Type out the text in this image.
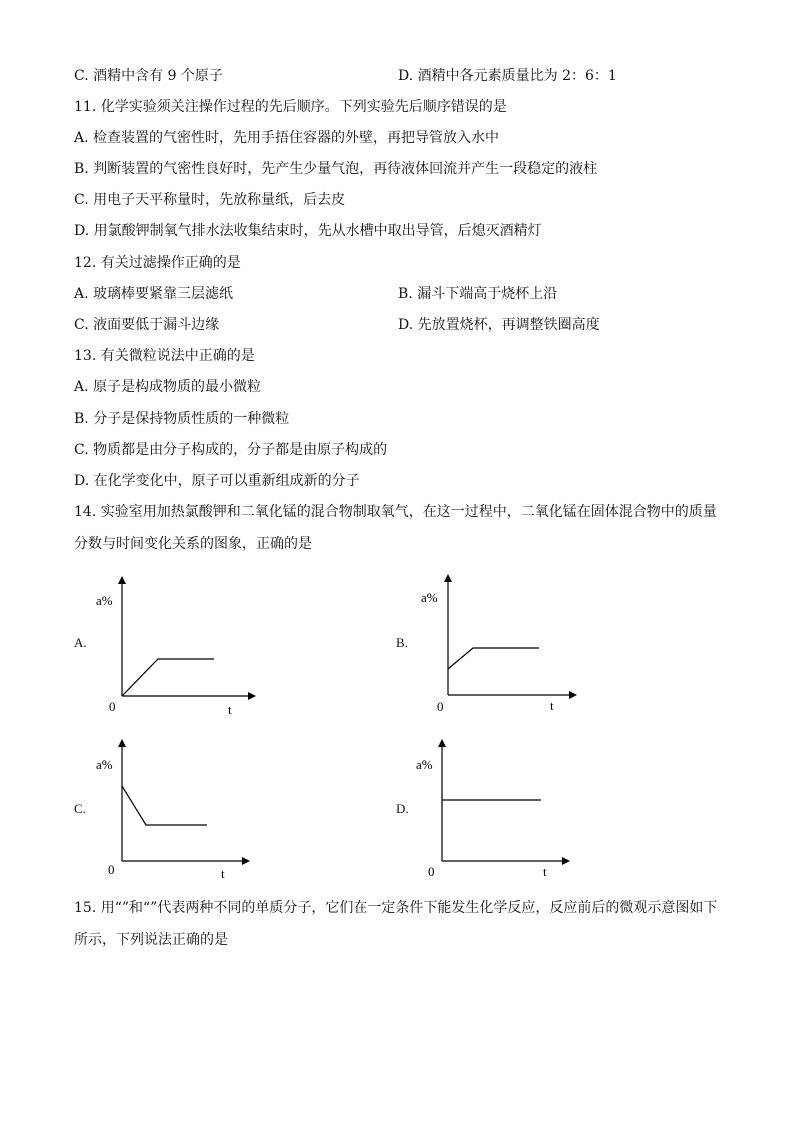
C. 酒精中含有 9 个原子	D. 酒精中各元素质量比为 2：6：1
11. 化学实验须关注操作过程的先后顺序。下列实验先后顺序错误的是
A. 检查装置的气密性时，先用手捂住容器的外壁，再把导管放入水中
B. 判断装置的气密性良好时，先产生少量气泡，再待液体回流并产生一段稳定的液柱
C. 用电子天平称量时，先放称量纸，后去皮
D. 用氯酸钾制氧气排水法收集结束时，先从水槽中取出导管，后熄灭酒精灯
12. 有关过滤操作正确的是
A. 玻璃棒要紧靠三层滤纸	B. 漏斗下端高于烧杯上沿
C. 液面要低于漏斗边缘	D. 先放置烧杯，再调整铁圈高度
13. 有关微粒说法中正确的是
A. 原子是构成物质的最小微粒
B. 分子是保持物质性质的一种微粒
C. 物质都是由分子构成的，分子都是由原子构成的
D. 在化学变化中，原子可以重新组成新的分子
14. 实验室用加热氯酸钾和二氧化锰的混合物制取氧气，在这一过程中，二氧化锰在固体混合物中的质量
分数与时间变化关系的图象，正确的是
A.
a%
t
0
B.
a%
t
0
C.
a%
t
0
D.
a%
t
0
15. 用“”和“”代表两种不同的单质分子，它们在一定条件下能发生化学反应，反应前后的微观示意图如下
所示，下列说法正确的是
